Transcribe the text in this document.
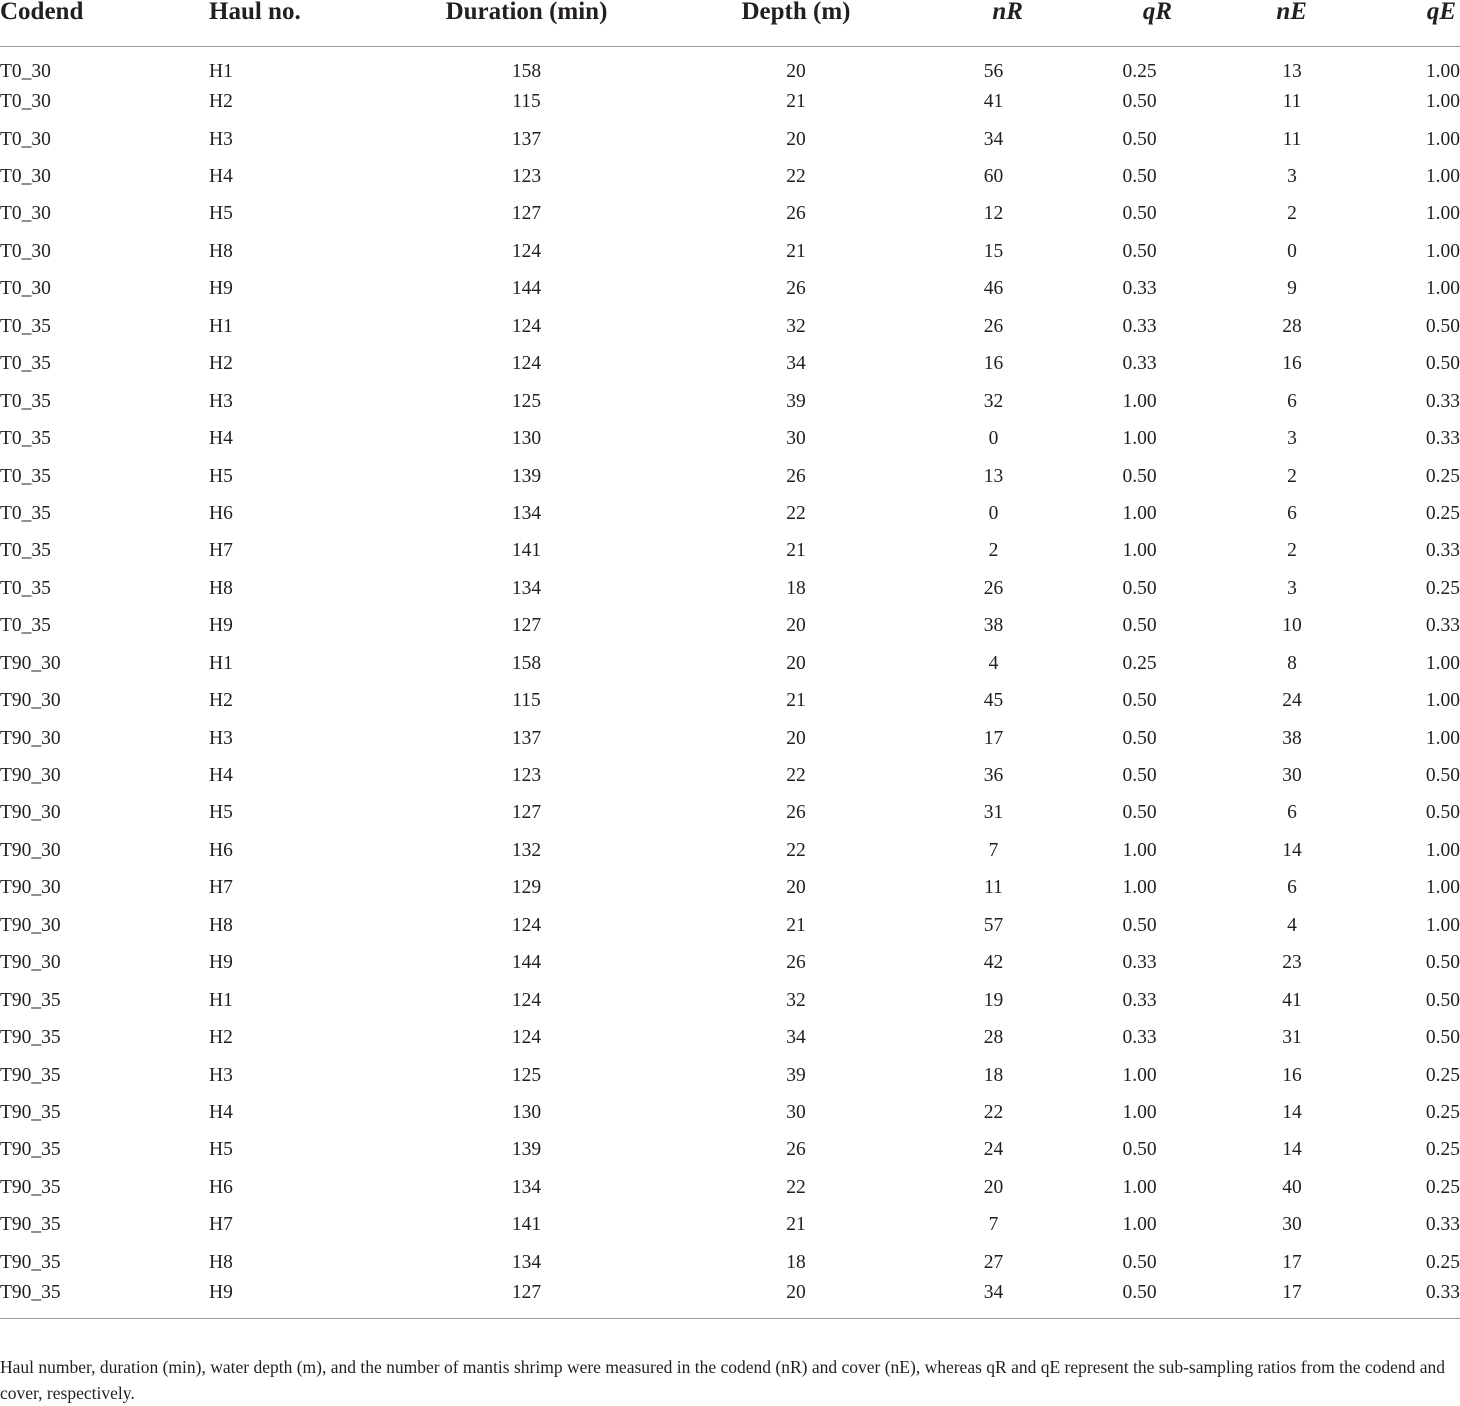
Codend	Haul no.	Duration (min)	Depth (m)	nR	qR	nE	qE
T0_30	H1	158	20	56	0.25	13	1.00
T0_30	H2	115	21	41	0.50	11	1.00
T0_30	H3	137	20	34	0.50	11	1.00
T0_30	H4	123	22	60	0.50	3	1.00
T0_30	H5	127	26	12	0.50	2	1.00
T0_30	H8	124	21	15	0.50	0	1.00
T0_30	H9	144	26	46	0.33	9	1.00
T0_35	H1	124	32	26	0.33	28	0.50
T0_35	H2	124	34	16	0.33	16	0.50
T0_35	H3	125	39	32	1.00	6	0.33
T0_35	H4	130	30	0	1.00	3	0.33
T0_35	H5	139	26	13	0.50	2	0.25
T0_35	H6	134	22	0	1.00	6	0.25
T0_35	H7	141	21	2	1.00	2	0.33
T0_35	H8	134	18	26	0.50	3	0.25
T0_35	H9	127	20	38	0.50	10	0.33
T90_30	H1	158	20	4	0.25	8	1.00
T90_30	H2	115	21	45	0.50	24	1.00
T90_30	H3	137	20	17	0.50	38	1.00
T90_30	H4	123	22	36	0.50	30	0.50
T90_30	H5	127	26	31	0.50	6	0.50
T90_30	H6	132	22	7	1.00	14	1.00
T90_30	H7	129	20	11	1.00	6	1.00
T90_30	H8	124	21	57	0.50	4	1.00
T90_30	H9	144	26	42	0.33	23	0.50
T90_35	H1	124	32	19	0.33	41	0.50
T90_35	H2	124	34	28	0.33	31	0.50
T90_35	H3	125	39	18	1.00	16	0.25
T90_35	H4	130	30	22	1.00	14	0.25
T90_35	H5	139	26	24	0.50	14	0.25
T90_35	H6	134	22	20	1.00	40	0.25
T90_35	H7	141	21	7	1.00	30	0.33
T90_35	H8	134	18	27	0.50	17	0.25
T90_35	H9	127	20	34	0.50	17	0.33
Haul number, duration (min), water depth (m), and the number of mantis shrimp were measured in the codend (nR) and cover (nE), whereas qR and qE represent the sub-sampling ratios from the codend and cover, respectively.
